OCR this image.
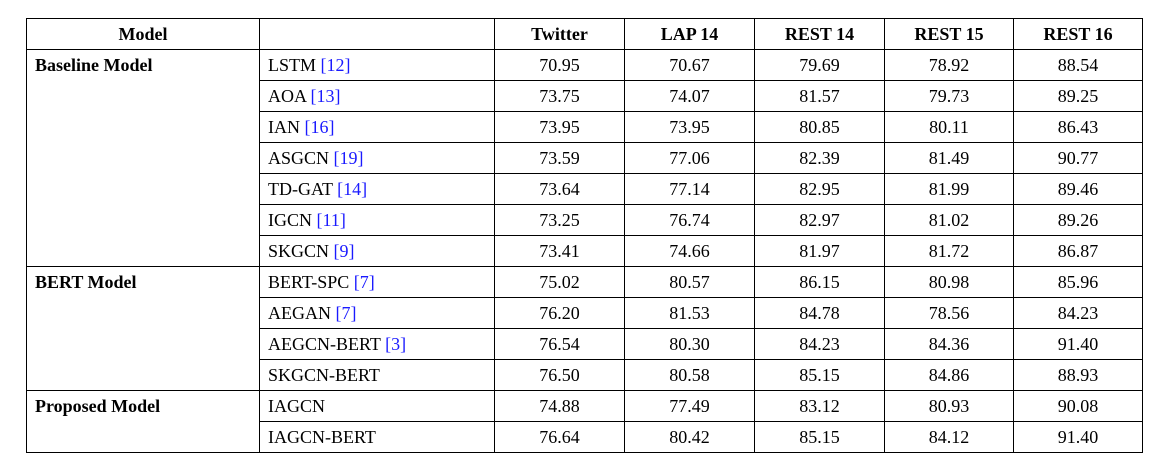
Model		Twitter	LAP 14	REST 14	REST 15	REST 16
Baseline Model	LSTM [12]	70.95	70.67	79.69	78.92	88.54
	AOA [13]	73.75	74.07	81.57	79.73	89.25
	IAN [16]	73.95	73.95	80.85	80.11	86.43
	ASGCN [19]	73.59	77.06	82.39	81.49	90.77
	TD-GAT [14]	73.64	77.14	82.95	81.99	89.46
	IGCN [11]	73.25	76.74	82.97	81.02	89.26
	SKGCN [9]	73.41	74.66	81.97	81.72	86.87
BERT Model	BERT-SPC [7]	75.02	80.57	86.15	80.98	85.96
	AEGAN [7]	76.20	81.53	84.78	78.56	84.23
	AEGCN-BERT [3]	76.54	80.30	84.23	84.36	91.40
	SKGCN-BERT	76.50	80.58	85.15	84.86	88.93
Proposed Model	IAGCN	74.88	77.49	83.12	80.93	90.08
	IAGCN-BERT	76.64	80.42	85.15	84.12	91.40
